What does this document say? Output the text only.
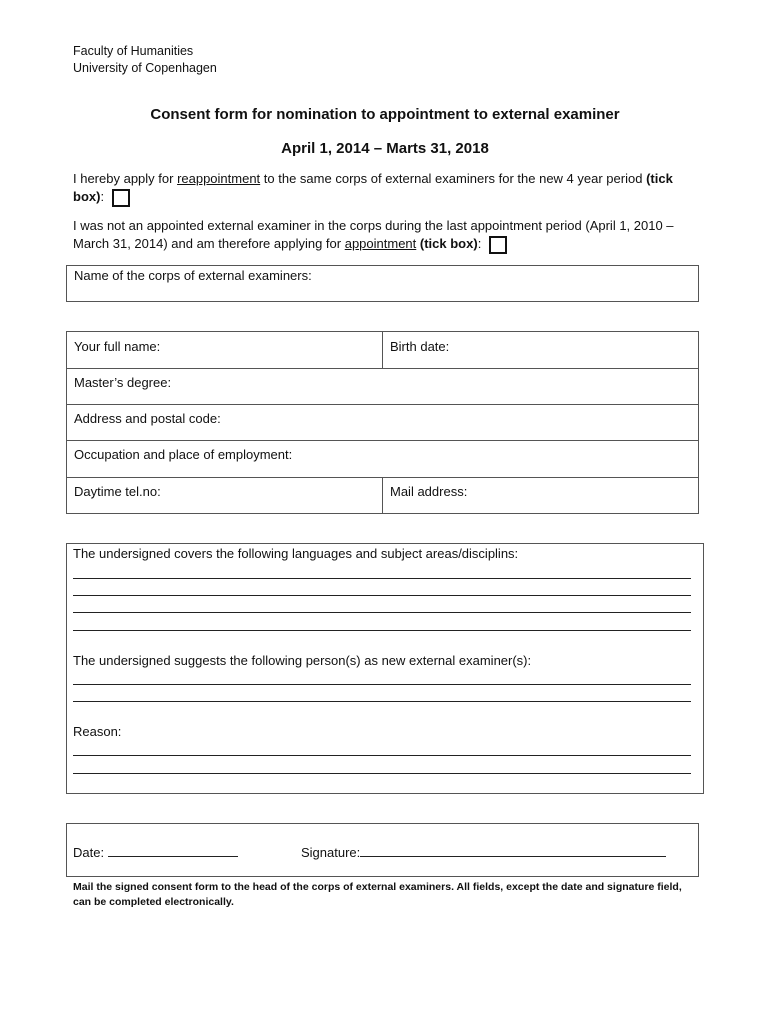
Faculty of Humanities
University of Copenhagen
Consent form for nomination to appointment to external examiner
April 1, 2014 – Marts 31, 2018
I hereby apply for reappointment to the same corps of external examiners for the new 4 year period (tick box):
I was not an appointed external examiner in the corps during the last appointment period (April 1, 2010 – March 31, 2014) and am therefore applying for appointment (tick box):
Name of the corps of external examiners:
Your full name:	Birth date:
Master’s degree:
Address and postal code:
Occupation and place of employment:
Daytime tel.no:	Mail address:
The undersigned covers the following languages and subject areas/disciplins:
The undersigned suggests the following person(s) as new external examiner(s):
Reason:
Date:	Signature:
Mail the signed consent form to the head of the corps of external examiners. All fields, except the date and signature field, can be completed electronically.
